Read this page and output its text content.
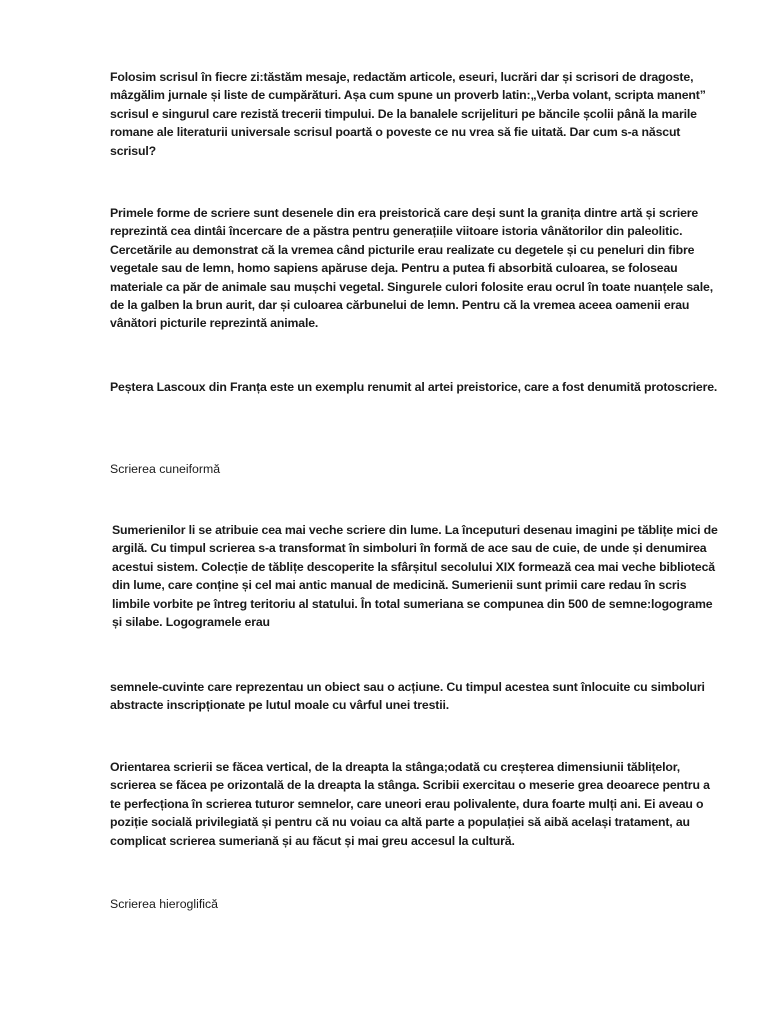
Folosim scrisul în fiecre zi:tăstăm mesaje, redactăm articole, eseuri, lucrări dar și scrisori de dragoste, mâzgălim jurnale și liste de cumpărături. Așa cum spune un proverb latin:„Verba volant, scripta manent” scrisul e singurul care rezistă trecerii timpului. De la banalele scrijelituri pe băncile școlii până la marile romane ale literaturii universale scrisul poartă o poveste ce nu vrea să fie uitată. Dar cum s-a născut scrisul?

Primele forme de scriere sunt desenele din era preistorică care deși sunt la granița dintre artă și scriere reprezintă cea dintâi încercare de a păstra pentru generațiile viitoare istoria vânătorilor din paleolitic. Cercetările au demonstrat că la vremea când picturile erau realizate cu degetele și cu peneluri din fibre vegetale sau de lemn, homo sapiens apăruse deja. Pentru a putea fi absorbită culoarea, se foloseau materiale ca păr de animale sau mușchi vegetal. Singurele culori folosite erau ocrul în toate nuanțele sale, de la galben la brun aurit, dar și culoarea cărbunelui de lemn. Pentru că la vremea aceea oamenii erau vânători picturile reprezintă animale.

Peștera Lascoux din Franța este un exemplu renumit al artei preistorice, care a fost denumită protoscriere.

Scrierea cuneiformă

Sumerienilor li se atribuie cea mai veche scriere din lume. La începuturi desenau imagini pe tăblițe mici de argilă. Cu timpul scrierea s-a transformat în simboluri în formă de ace sau de cuie, de unde și denumirea acestui sistem. Colecție de tăblițe descoperite la sfârșitul secolului XIX formează cea mai veche bibliotecă din lume, care conține și cel mai antic manual de medicină. Sumerienii sunt primii care redau în scris limbile vorbite pe întreg teritoriu al statului. În total sumeriana se compunea din 500 de semne:logograme și silabe. Logogramele erau

semnele-cuvinte care reprezentau un obiect sau o acțiune. Cu timpul acestea sunt înlocuite cu simboluri abstracte inscripționate pe lutul moale cu vârful unei trestii.

Orientarea scrierii se făcea vertical, de la dreapta la stânga;odată cu creșterea dimensiunii tăblițelor, scrierea se făcea pe orizontală de la dreapta la stânga. Scribii exercitau o meserie grea deoarece pentru a te perfecționa în scrierea tuturor semnelor, care uneori erau polivalente, dura foarte mulți ani. Ei aveau o poziție socială privilegiată și pentru că nu voiau ca altă parte a populației să aibă același tratament, au complicat scrierea sumeriană și au făcut și mai greu accesul la cultură.

Scrierea hieroglifică
